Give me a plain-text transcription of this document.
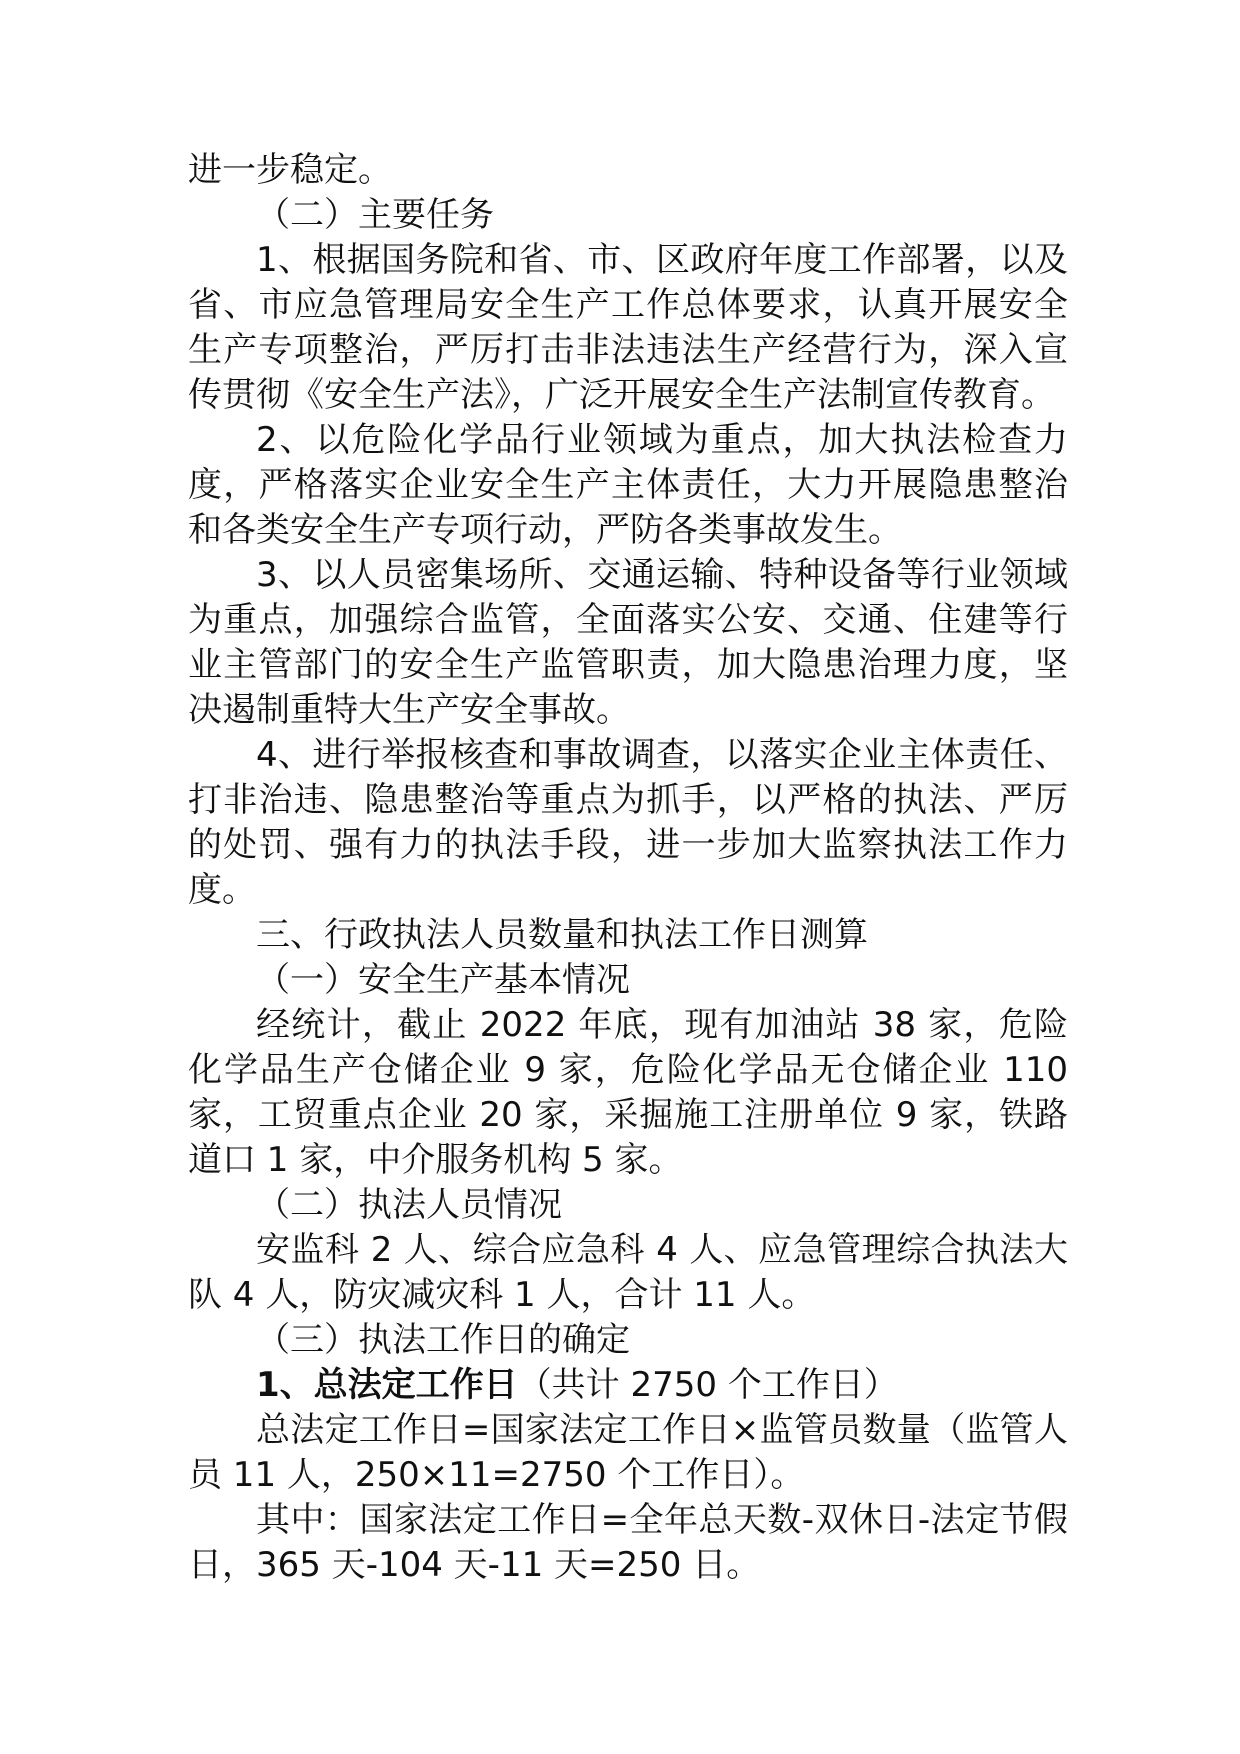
进一步稳定。

（二）主要任务

1、根据国务院和省、市、区政府年度工作部署，以及省、市应急管理局安全生产工作总体要求，认真开展安全生产专项整治，严厉打击非法违法生产经营行为，深入宣传贯彻《安全生产法》，广泛开展安全生产法制宣传教育。

2、以危险化学品行业领域为重点，加大执法检查力度，严格落实企业安全生产主体责任，大力开展隐患整治和各类安全生产专项行动，严防各类事故发生。

3、以人员密集场所、交通运输、特种设备等行业领域为重点，加强综合监管，全面落实公安、交通、住建等行业主管部门的安全生产监管职责，加大隐患治理力度，坚决遏制重特大生产安全事故。

4、进行举报核查和事故调查，以落实企业主体责任、打非治违、隐患整治等重点为抓手，以严格的执法、严厉的处罚、强有力的执法手段，进一步加大监察执法工作力度。

三、行政执法人员数量和执法工作日测算

（一）安全生产基本情况

经统计，截止 2022 年底，现有加油站 38 家，危险化学品生产仓储企业 9 家，危险化学品无仓储企业 110 家，工贸重点企业 20 家，采掘施工注册单位 9 家，铁路道口 1 家，中介服务机构 5 家。

（二）执法人员情况

安监科 2 人、综合应急科 4 人、应急管理综合执法大队 4 人，防灾减灾科 1 人，合计 11 人。

（三）执法工作日的确定

1、总法定工作日（共计 2750 个工作日）

总法定工作日=国家法定工作日×监管员数量（监管人员 11 人，250×11=2750 个工作日）。

其中：国家法定工作日=全年总天数-双休日-法定节假日，365 天-104 天-11 天=250 日。
